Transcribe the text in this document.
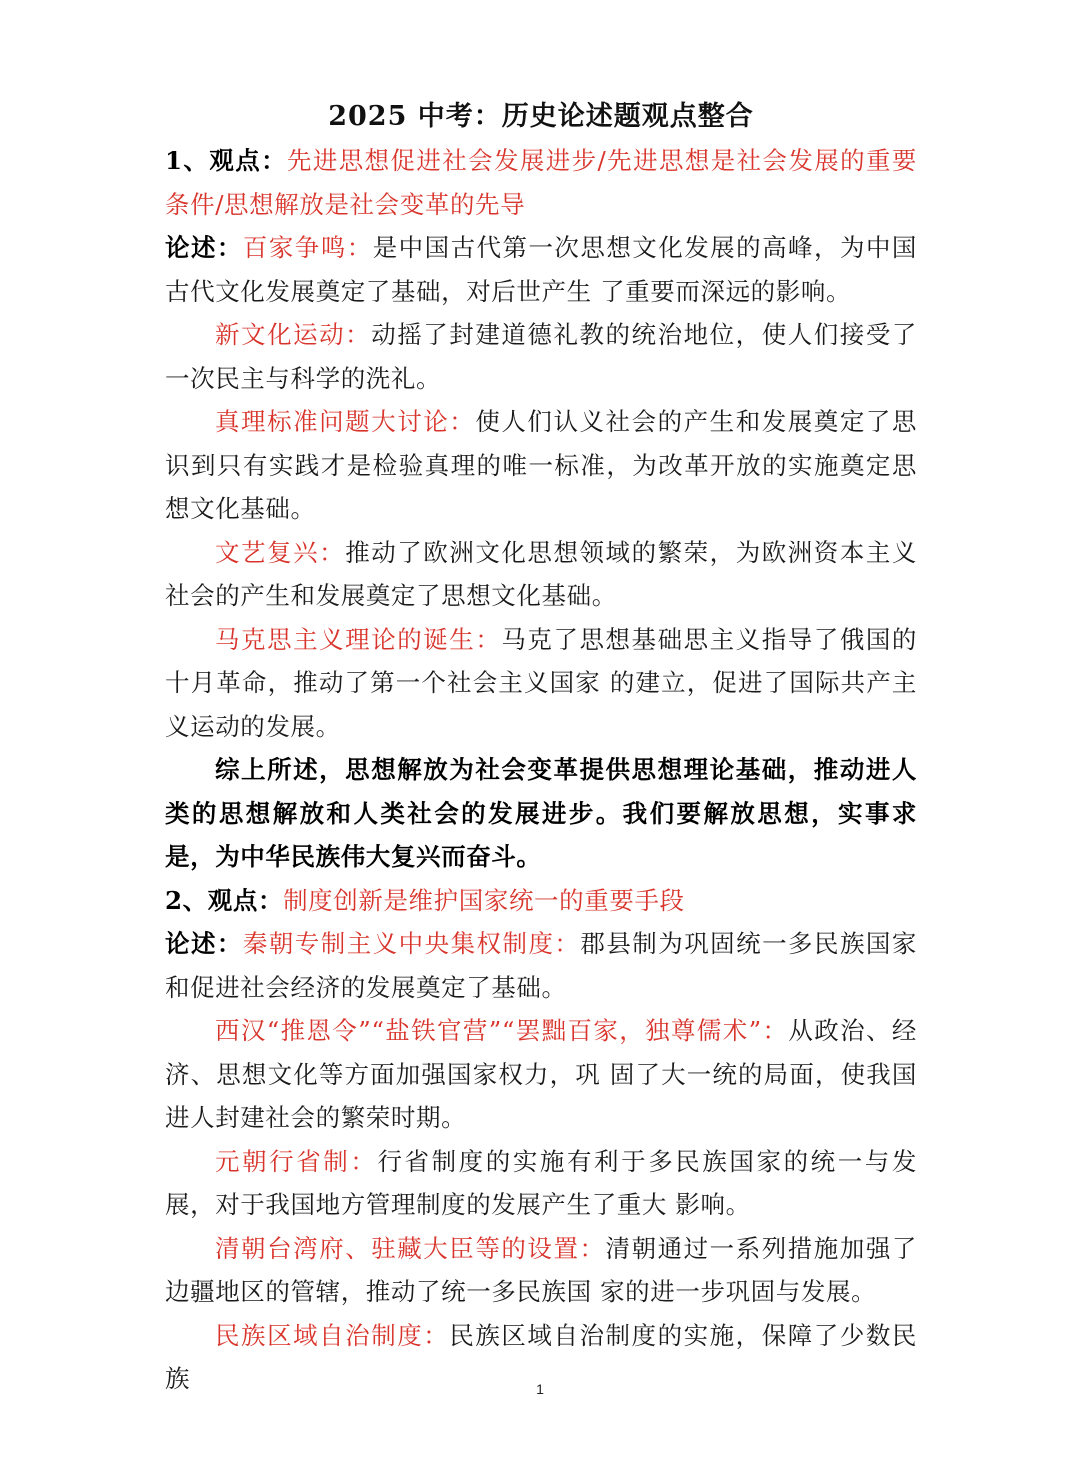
2025 中考：历史论述题观点整合

1、观点：先进思想促进社会发展进步/先进思想是社会发展的重要条件/思想解放是社会变革的先导

论述：百家争鸣：是中国古代第一次思想文化发展的高峰，为中国古代文化发展奠定了基础，对后世产生 了重要而深远的影响。

新文化运动：动摇了封建道德礼教的统治地位，使人们接受了一次民主与科学的洗礼。

真理标准问题大讨论：使人们认义社会的产生和发展奠定了思识到只有实践才是检验真理的唯一标准，为改革开放的实施奠定思想文化基础。

文艺复兴：推动了欧洲文化思想领域的繁荣，为欧洲资本主义社会的产生和发展奠定了思想文化基础。

马克思主义理论的诞生：马克了思想基础思主义指导了俄国的十月革命，推动了第一个社会主义国家 的建立，促进了国际共产主义运动的发展。

综上所述，思想解放为社会变革提供思想理论基础，推动进人类的思想解放和人类社会的发展进步。我们要解放思想，实事求是，为中华民族伟大复兴而奋斗。

2、观点：制度创新是维护国家统一的重要手段

论述：秦朝专制主义中央集权制度：郡县制为巩固统一多民族国家和促进社会经济的发展奠定了基础。

西汉“推恩令”“盐铁官营”“罢黜百家，独尊儒术”：从政治、经济、思想文化等方面加强国家权力，巩 固了大一统的局面，使我国进人封建社会的繁荣时期。

元朝行省制：行省制度的实施有利于多民族国家的统一与发展，对于我国地方管理制度的发展产生了重大 影响。

清朝台湾府、驻藏大臣等的设置：清朝通过一系列措施加强了边疆地区的管辖，推动了统一多民族国 家的进一步巩固与发展。

民族区域自治制度：民族区域自治制度的实施，保障了少数民族	1
